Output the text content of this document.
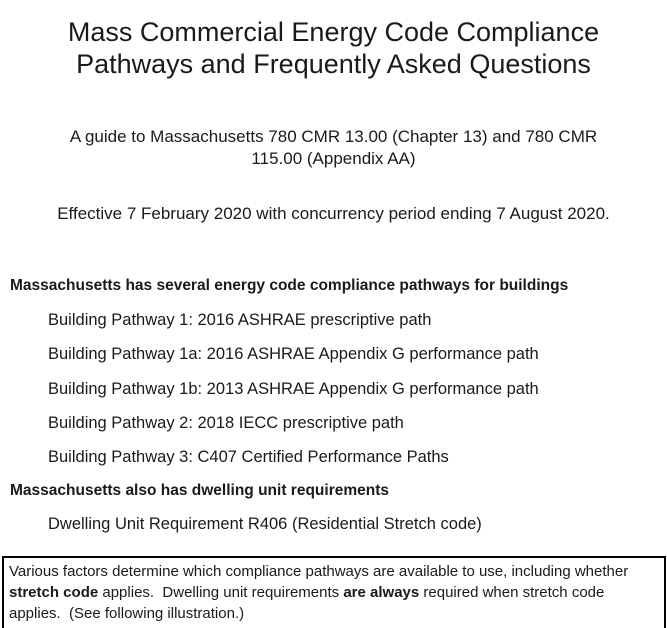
Mass Commercial Energy Code Compliance Pathways and Frequently Asked Questions
A guide to Massachusetts 780 CMR 13.00 (Chapter 13) and 780 CMR 115.00 (Appendix AA)
Effective 7 February 2020 with concurrency period ending 7 August 2020.
Massachusetts has several energy code compliance pathways for buildings
Building Pathway 1: 2016 ASHRAE prescriptive path
Building Pathway 1a: 2016 ASHRAE Appendix G performance path
Building Pathway 1b: 2013 ASHRAE Appendix G performance path
Building Pathway 2: 2018 IECC prescriptive path
Building Pathway 3: C407 Certified Performance Paths
Massachusetts also has dwelling unit requirements
Dwelling Unit Requirement R406 (Residential Stretch code)
Various factors determine which compliance pathways are available to use, including whether stretch code applies.  Dwelling unit requirements are always required when stretch code applies.  (See following illustration.)
